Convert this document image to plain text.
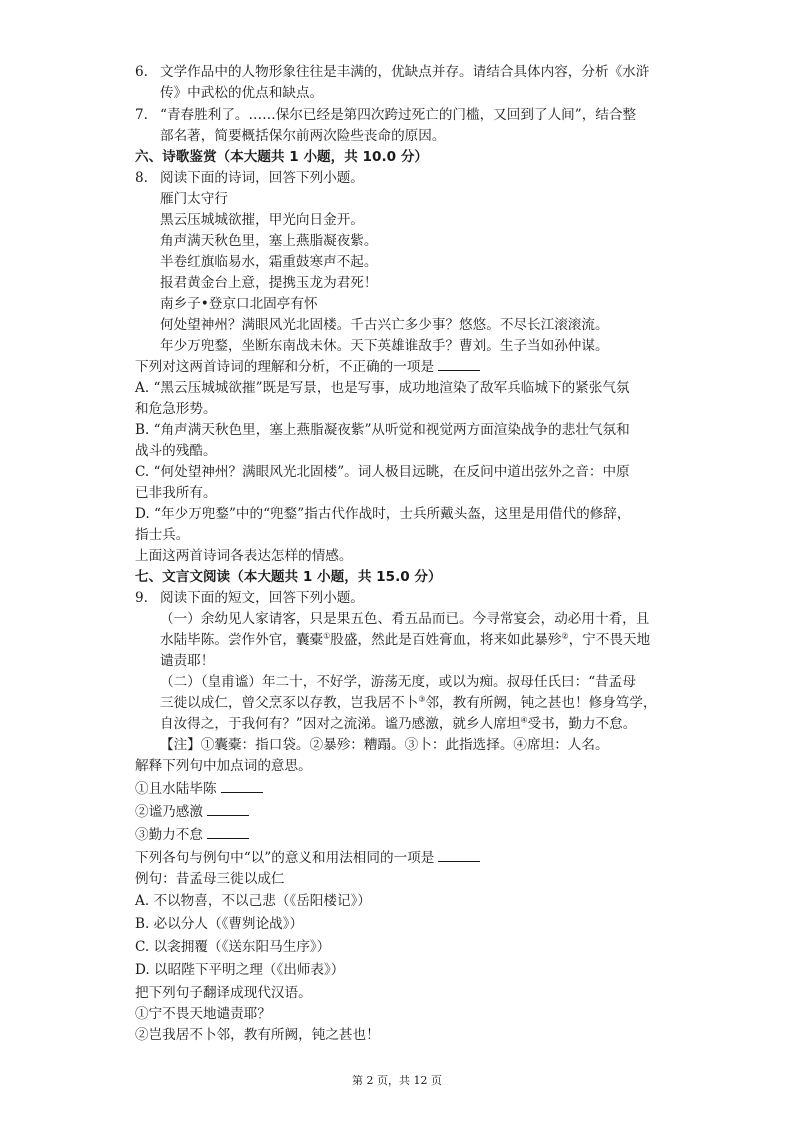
6. 文学作品中的人物形象往往是丰满的，优缺点并存。请结合具体内容，分析《水浒
传》中武松的优点和缺点。
7. “青春胜利了。……保尔已经是第四次跨过死亡的门槛，又回到了人间”，结合整
部名著，简要概括保尔前两次险些丧命的原因。
六、诗歌鉴赏（本大题共 1 小题，共 10.0 分）
8. 阅读下面的诗词，回答下列小题。
雁门太守行
黑云压城城欲摧，甲光向日金开。
角声满天秋色里，塞上燕脂凝夜紫。
半卷红旗临易水，霜重鼓寒声不起。
报君黄金台上意，提携玉龙为君死！
南乡子•登京口北固亭有怀
何处望神州？满眼风光北固楼。千古兴亡多少事？悠悠。不尽长江滚滚流。
年少万兜鍪，坐断东南战未休。天下英雄谁敌手？曹刘。生子当如孙仲谋。
下列对这两首诗词的理解和分析，不正确的一项是
A. “黑云压城城欲摧”既是写景，也是写事，成功地渲染了敌军兵临城下的紧张气氛
和危急形势。
B. “角声满天秋色里，塞上燕脂凝夜紫”从听觉和视觉两方面渲染战争的悲壮气氛和
战斗的残酷。
C. “何处望神州？满眼风光北固楼”。词人极目远眺，在反问中道出弦外之音：中原
已非我所有。
D. “年少万兜鍪”中的“兜鍪”指古代作战时，士兵所戴头盔，这里是用借代的修辞，
指士兵。
上面这两首诗词各表达怎样的情感。
七、文言文阅读（本大题共 1 小题，共 15.0 分）
9. 阅读下面的短文，回答下列小题。
（一）余幼见人家请客，只是果五色、肴五品而已。今寻常宴会，动必用十肴，且
水陆毕陈。尝作外官，囊橐①股盛，然此是百姓膏血，将来如此暴殄②，宁不畏天地
谴责耶！
（二）（皇甫谧）年二十，不好学，游荡无度，或以为痴。叔母任氏曰：“昔孟母
三徙以成仁，曾父烹豕以存教，岂我居不卜③邻，教有所阙，钝之甚也！修身笃学，
自汝得之，于我何有？”因对之流涕。谧乃感激，就乡人席坦④受书，勤力不怠。
【注】①囊橐：指口袋。②暴殄：糟蹋。③卜：此指选择。④席坦：人名。
解释下列句中加点词的意思。
①且水陆毕陈
②谧乃感激
③勤力不怠
下列各句与例句中“以”的意义和用法相同的一项是
例句：昔孟母三徙以成仁
A. 不以物喜，不以己悲（《岳阳楼记》）
B. 必以分人（《曹刿论战》）
C. 以衾拥覆（《送东阳马生序》）
D. 以昭陛下平明之理（《出师表》）
把下列句子翻译成现代汉语。
①宁不畏天地谴责耶？
②岂我居不卜邻，教有所阙，钝之甚也！
第 2 页，共 12 页
